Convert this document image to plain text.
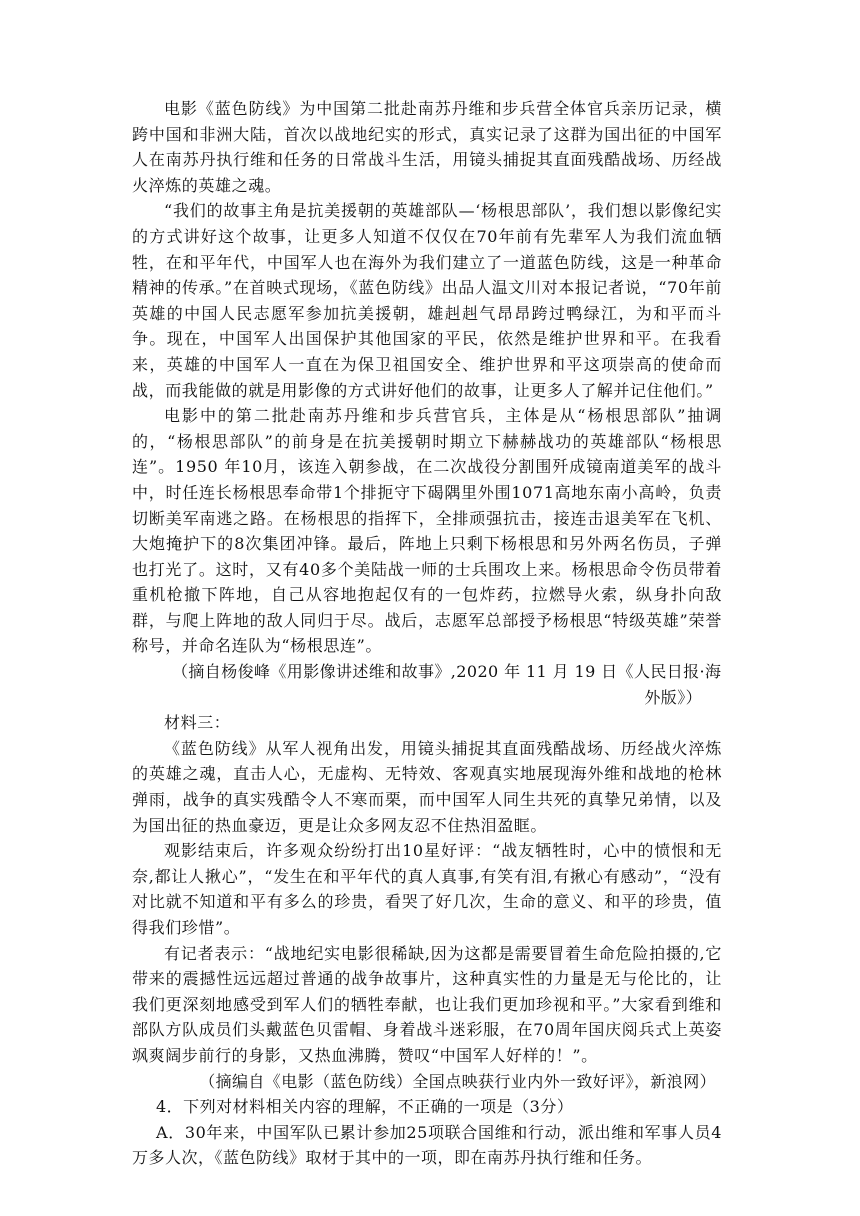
电影《蓝色防线》为中国第二批赴南苏丹维和步兵营全体官兵亲历记录，横跨中国和非洲大陆，首次以战地纪实的形式，真实记录了这群为国出征的中国军人在南苏丹执行维和任务的日常战斗生活，用镜头捕捉其直面残酷战场、历经战火淬炼的英雄之魂。

“我们的故事主角是抗美援朝的英雄部队—‘杨根思部队’，我们想以影像纪实的方式讲好这个故事，让更多人知道不仅仅在70年前有先辈军人为我们流血牺牲，在和平年代，中国军人也在海外为我们建立了一道蓝色防线，这是一种革命精神的传承。”在首映式现场，《蓝色防线》出品人温文川对本报记者说，“70年前英雄的中国人民志愿军参加抗美援朝，雄赳赳气昂昂跨过鸭绿江，为和平而斗争。现在，中国军人出国保护其他国家的平民，依然是维护世界和平。在我看来，英雄的中国军人一直在为保卫祖国安全、维护世界和平这项崇高的使命而战，而我能做的就是用影像的方式讲好他们的故事，让更多人了解并记住他们。”

电影中的第二批赴南苏丹维和步兵营官兵，主体是从“杨根思部队”抽调的，“杨根思部队”的前身是在抗美援朝时期立下赫赫战功的英雄部队“杨根思连”。1950 年10月，该连入朝参战，在二次战役分割围歼成镜南道美军的战斗中，时任连长杨根思奉命带1个排扼守下碣隅里外围1071高地东南小高岭，负责切断美军南逃之路。在杨根思的指挥下，全排顽强抗击，接连击退美军在飞机、大炮掩护下的8次集团冲锋。最后，阵地上只剩下杨根思和另外两名伤员，子弹也打光了。这时，又有40多个美陆战一师的士兵围攻上来。杨根思命令伤员带着重机枪撤下阵地，自己从容地抱起仅有的一包炸药，拉燃导火索，纵身扑向敌群，与爬上阵地的敌人同归于尽。战后，志愿军总部授予杨根思“特级英雄”荣誉称号，并命名连队为“杨根思连”。

（摘自杨俊峰《用影像讲述维和故事》,2020 年 11 月 19 日《人民日报·海
外版》）

材料三：

《蓝色防线》从军人视角出发，用镜头捕捉其直面残酷战场、历经战火淬炼的英雄之魂，直击人心，无虚构、无特效、客观真实地展现海外维和战地的枪林弹雨，战争的真实残酷令人不寒而栗，而中国军人同生共死的真挚兄弟情，以及为国出征的热血豪迈，更是让众多网友忍不住热泪盈眶。

观影结束后，许多观众纷纷打出10星好评：“战友牺牲时，心中的愤恨和无奈,都让人揪心”，“发生在和平年代的真人真事,有笑有泪,有揪心有感动”，“没有对比就不知道和平有多么的珍贵，看哭了好几次，生命的意义、和平的珍贵，值得我们珍惜”。

有记者表示：“战地纪实电影很稀缺,因为这都是需要冒着生命危险拍摄的,它带来的震撼性远远超过普通的战争故事片，这种真实性的力量是无与伦比的，让我们更深刻地感受到军人们的牺牲奉献，也让我们更加珍视和平。”大家看到维和部队方队成员们头戴蓝色贝雷帽、身着战斗迷彩服，在70周年国庆阅兵式上英姿飒爽阔步前行的身影，又热血沸腾，赞叹“中国军人好样的！”。

（摘编自《电影（蓝色防线）全国点映获行业内外一致好评》，新浪网）

4．下列对材料相关内容的理解，不正确的一项是（3分）

A．30年来，中国军队已累计参加25项联合国维和行动，派出维和军事人员4万多人次，《蓝色防线》取材于其中的一项，即在南苏丹执行维和任务。
